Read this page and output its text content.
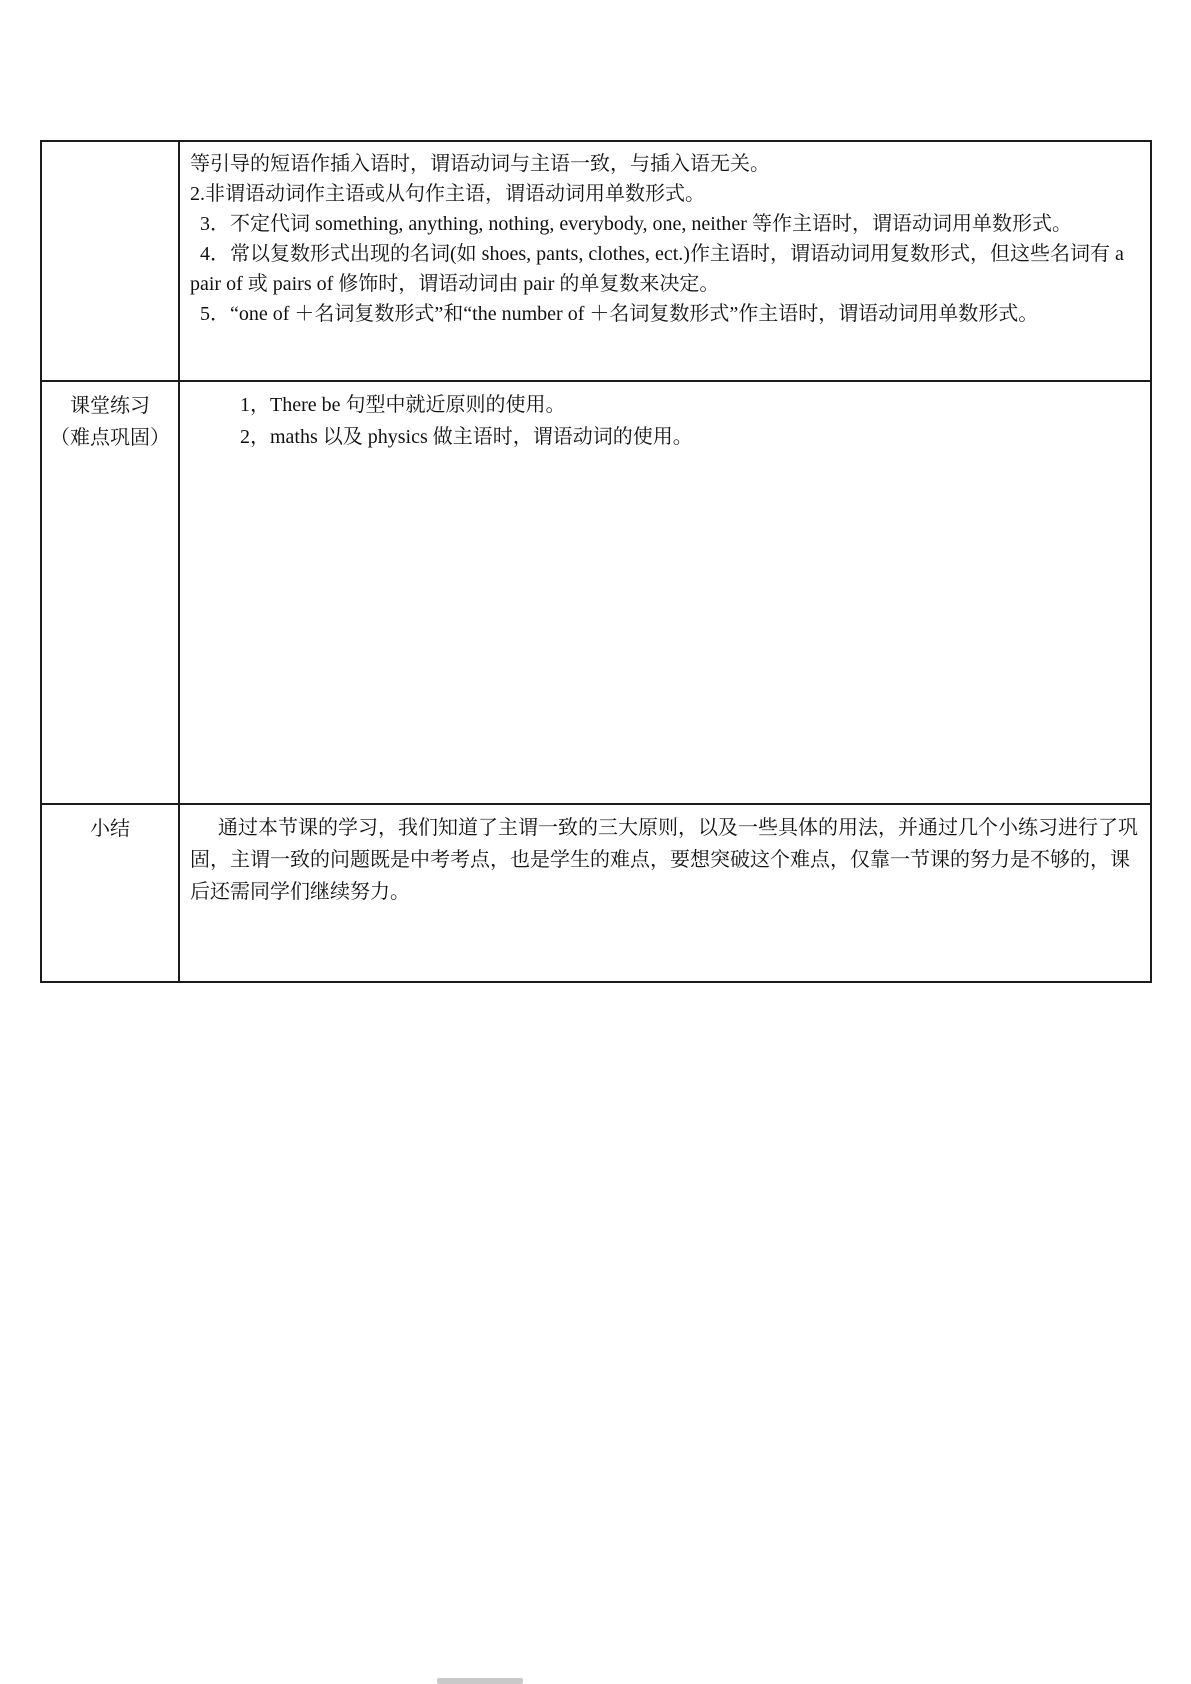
等引导的短语作插入语时，谓语动词与主语一致，与插入语无关。

2.非谓语动词作主语或从句作主语，谓语动词用单数形式。

3．不定代词 something, anything, nothing, everybody, one, neither 等作主语时，谓语动词用单数形式。

4．常以复数形式出现的名词(如 shoes, pants, clothes, ect.)作主语时，谓语动词用复数形式，但这些名词有 a pair of 或 pairs of 修饰时，谓语动词由 pair 的单复数来决定。

5．“one of ＋名词复数形式”和“the number of ＋名词复数形式”作主语时，谓语动词用单数形式。

课堂练习
（难点巩固）

1，There be 句型中就近原则的使用。

2，maths 以及 physics 做主语时，谓语动词的使用。

小结	通过本节课的学习，我们知道了主谓一致的三大原则，以及一些具体的用法，并通过几个小练习进行了巩固，主谓一致的问题既是中考考点，也是学生的难点，要想突破这个难点，仅靠一节课的努力是不够的，课后还需同学们继续努力。
